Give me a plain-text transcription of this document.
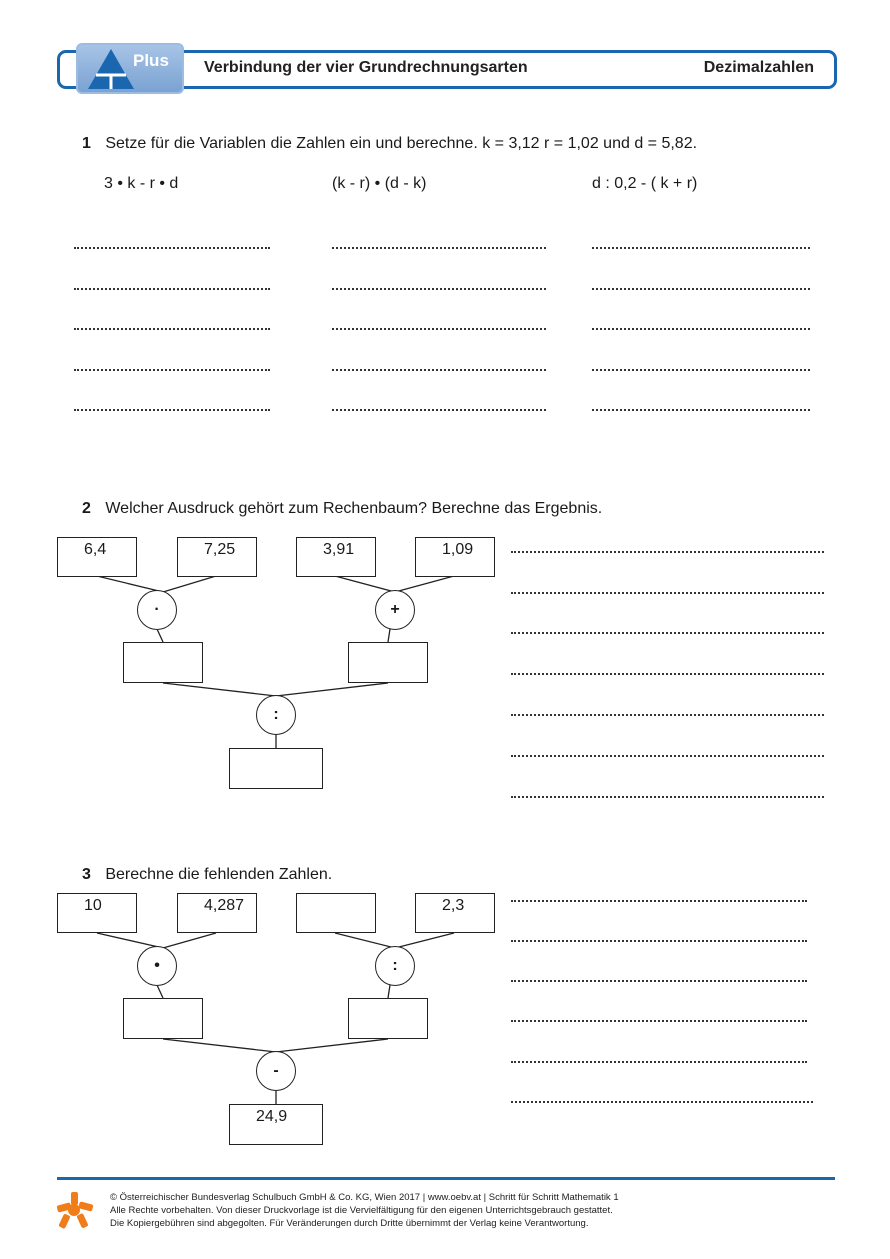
Plus Verbindung der vier Grundrechnungsarten	Dezimalzahlen
1 Setze für die Variablen die Zahlen ein und berechne. k = 3,12 r = 1,02 und d = 5,82.
3 • k - r • d	(k - r) • (d - k)	d : 0,2 - ( k + r)
2 Welcher Ausdruck gehört zum Rechenbaum? Berechne das Ergebnis.
6,4	7,25	3,91	1,09
·	+
:
3 Berechne die fehlenden Zahlen.
10	4,287	2,3
•	:
-
24,9
© Österreichischer Bundesverlag Schulbuch GmbH & Co. KG, Wien 2017 | www.oebv.at | Schritt für Schritt Mathematik 1
Alle Rechte vorbehalten. Von dieser Druckvorlage ist die Vervielfältigung für den eigenen Unterrichtsgebrauch gestattet.
Die Kopiergebühren sind abgegolten. Für Veränderungen durch Dritte übernimmt der Verlag keine Verantwortung.
